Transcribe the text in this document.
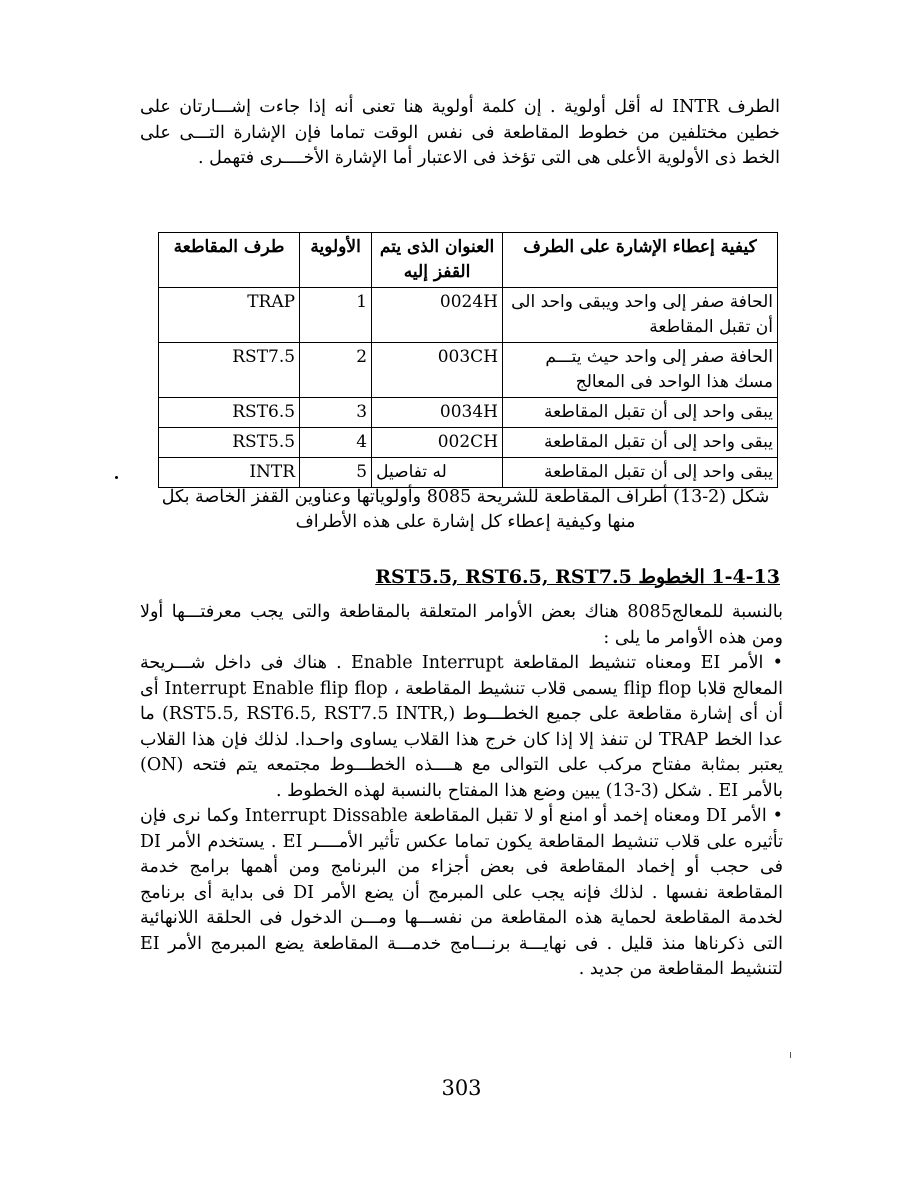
الطرف INTR له أقل أولوية . إن كلمة أولوية هنا تعنى أنه إذا جاءت إشـــارتان على خطين مختلفين من خطوط المقاطعة فى نفس الوقت تماما فإن الإشارة التـــى على الخط ذى الأولوية الأعلى هى التى تؤخذ فى الاعتبار أما الإشارة الأخــــرى فتهمل .

كيفية إعطاء الإشارة على الطرف	العنوان الذى يتم القفز إليه	الأولوية	طرف المقاطعة
الحافة صفر إلى واحد ويبقى واحد الى أن تقبل المقاطعة	0024H	1	TRAP
الحافة صفر إلى واحد حيث يتـــم مسك هذا الواحد فى المعالج	003CH	2	RST7.5
يبقى واحد إلى أن تقبل المقاطعة	0034H	3	RST6.5
يبقى واحد إلى أن تقبل المقاطعة	002CH	4	RST5.5
يبقى واحد إلى أن تقبل المقاطعة	له تفاصيل	5	INTR

شكل (2-13) أطراف المقاطعة للشريحة 8085 وأولوياتها وعناوين القفز الخاصة بكل منها وكيفية إعطاء كل إشارة على هذه الأطراف

1-4-13 الخطوط RST5.5, RST6.5, RST7.5

بالنسبة للمعالج8085 هناك بعض الأوامر المتعلقة بالمقاطعة والتى يجب معرفتـــها أولا ومن هذه الأوامر ما يلى :

• الأمر EI ومعناه تنشيط المقاطعة Enable Interrupt . هناك فى داخل شـــريحة المعالج قلابا flip flop يسمى قلاب تنشيط المقاطعة ، Interrupt Enable flip flop أى أن أى إشارة مقاطعة على جميع الخطـــوط (,RST5.5, RST6.5, RST7.5 INTR) ما عدا الخط TRAP لن تنفذ إلا إذا كان خرج هذا القلاب يساوى واحـدا. لذلك فإن هذا القلاب يعتبر بمثابة مفتاح مركب على التوالى مع هــــذه الخطـــوط مجتمعه يتم فتحه (ON) بالأمر EI . شكل (3-13) يبين وضع هذا المفتاح بالنسبة لهذه الخطوط .

• الأمر DI ومعناه إخمد أو امنع أو لا تقبل المقاطعة Interrupt Dissable وكما نرى فإن تأثيره على قلاب تنشيط المقاطعة يكون تماما عكس تأثير الأمــــر EI . يستخدم الأمر DI فى حجب أو إخماد المقاطعة فى بعض أجزاء من البرنامج ومن أهمها برامج خدمة المقاطعة نفسها . لذلك فإنه يجب على المبرمج أن يضع الأمر DI فى بداية أى برنامج لخدمة المقاطعة لحماية هذه المقاطعة من نفســـها ومـــن الدخول فى الحلقة اللانهائية التى ذكرناها منذ قليل . فى نهايـــة برنـــامج خدمـــة المقاطعة يضع المبرمج الأمر EI لتنشيط المقاطعة من جديد .

303
